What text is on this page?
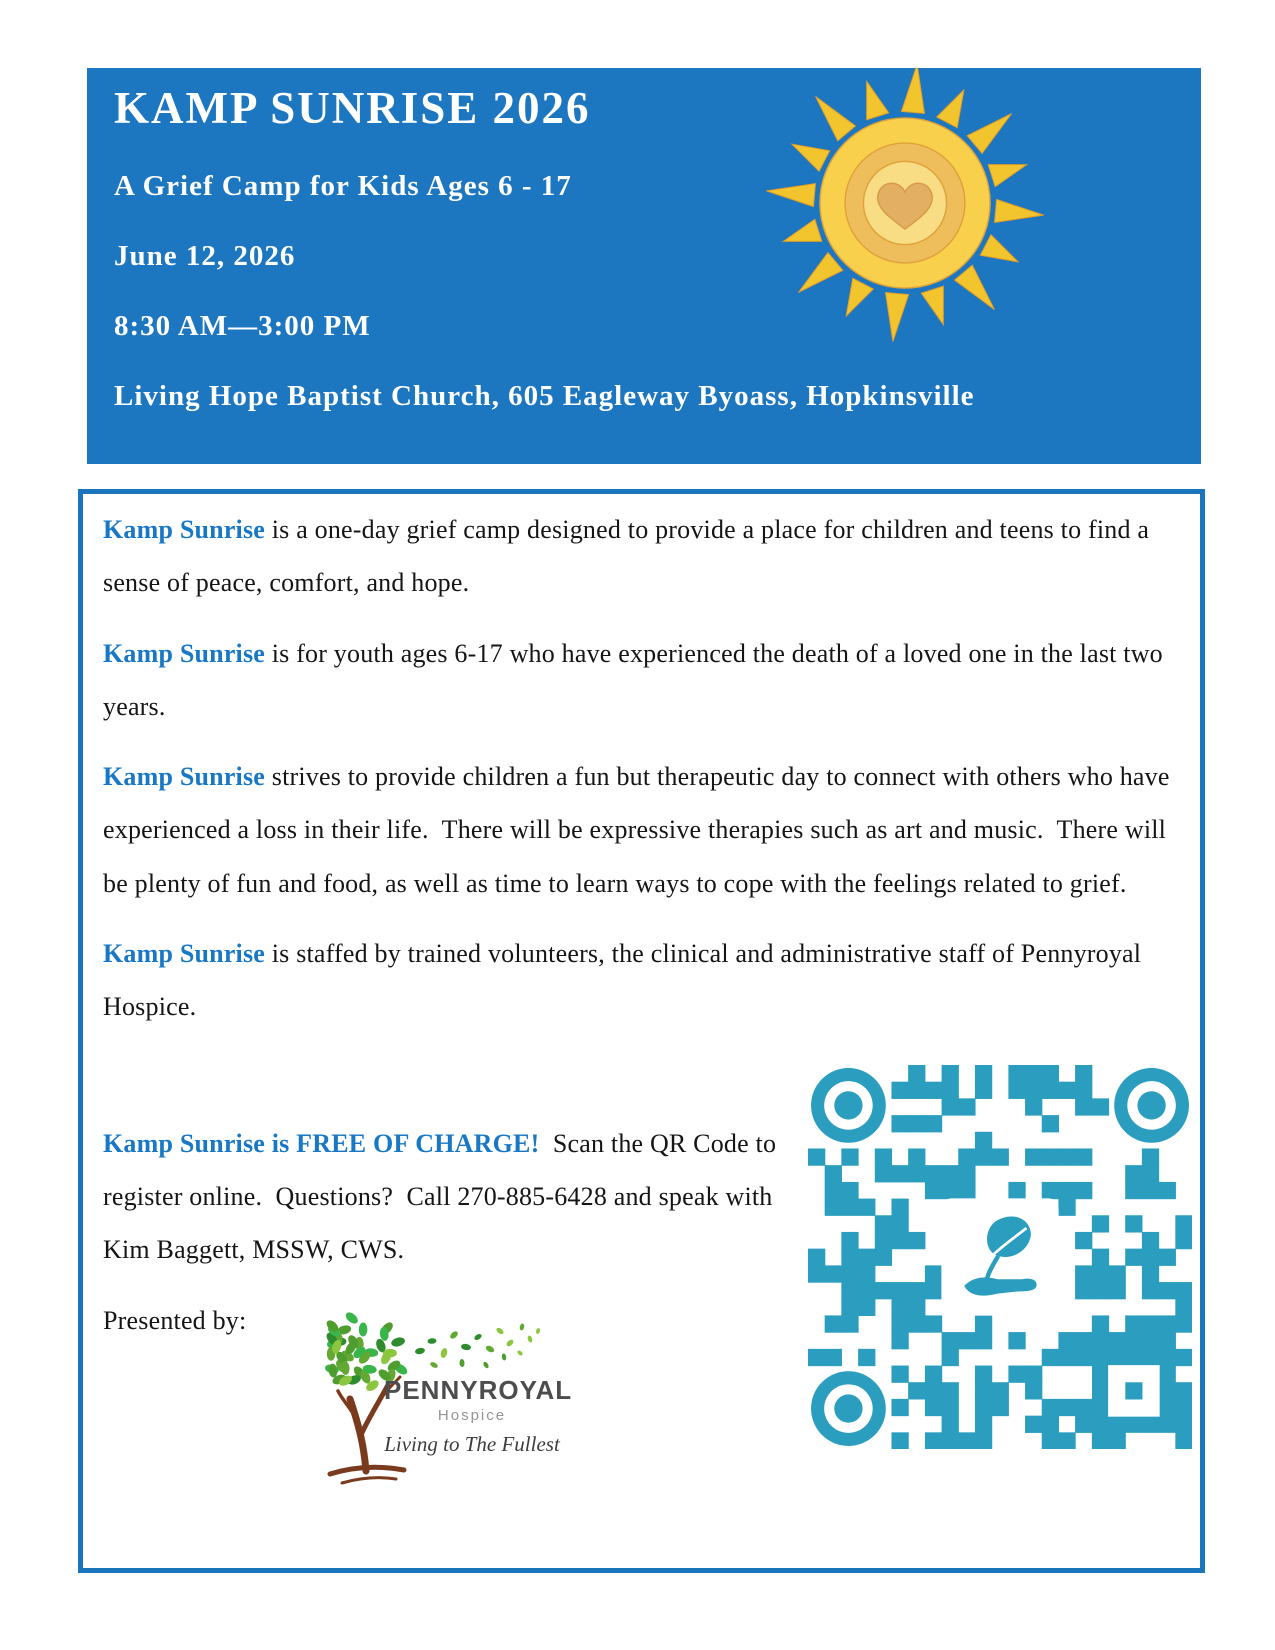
KAMP SUNRISE 2026

A Grief Camp for Kids Ages 6 - 17

June 12, 2026

8:30 AM—3:00 PM

Living Hope Baptist Church, 605 Eagleway Byoass, Hopkinsville

Kamp Sunrise is a one-day grief camp designed to provide a place for children and teens to find a sense of peace, comfort, and hope.

Kamp Sunrise is for youth ages 6-17 who have experienced the death of a loved one in the last two years.

Kamp Sunrise strives to provide children a fun but therapeutic day to connect with others who have experienced a loss in their life.  There will be expressive therapies such as art and music.  There will be plenty of fun and food, as well as time to learn ways to cope with the feelings related to grief.

Kamp Sunrise is staffed by trained volunteers, the clinical and administrative staff of Pennyroyal Hospice.

Kamp Sunrise is FREE OF CHARGE!  Scan the QR Code to register online.  Questions?  Call 270-885-6428 and speak with Kim Baggett, MSSW, CWS.

Presented by:

PENNYROYAL
Hospice
Living to The Fullest
